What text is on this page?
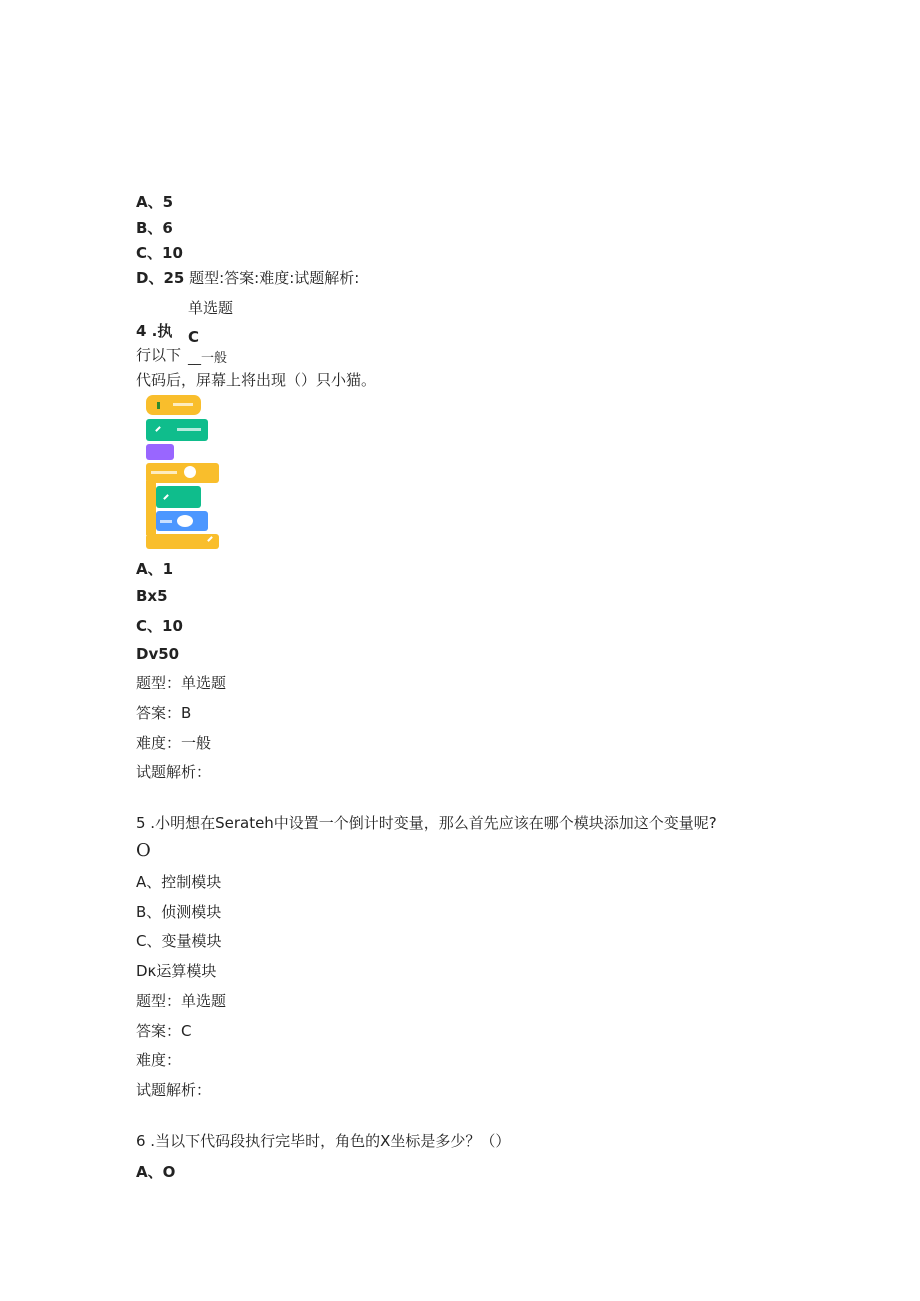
A、5
B、6
C、10
D、25 题型:答案:难度:试题解析:
单选题
4 .执 C
行以下 __一般
代码后，屏幕上将出现（）只小猫。
A、1
Bx5
C、10
Dv50
题型：单选题
答案：B
难度：一般
试题解析：
5 .小明想在Serateh中设置一个倒计时变量，那么首先应该在哪个模块添加这个变量呢?
O
A、控制模块
B、侦测模块
C、变量模块
Dκ运算模块
题型：单选题
答案：C
难度：
试题解析：
6 .当以下代码段执行完毕时，角色的X坐标是多少？（）
A、O
